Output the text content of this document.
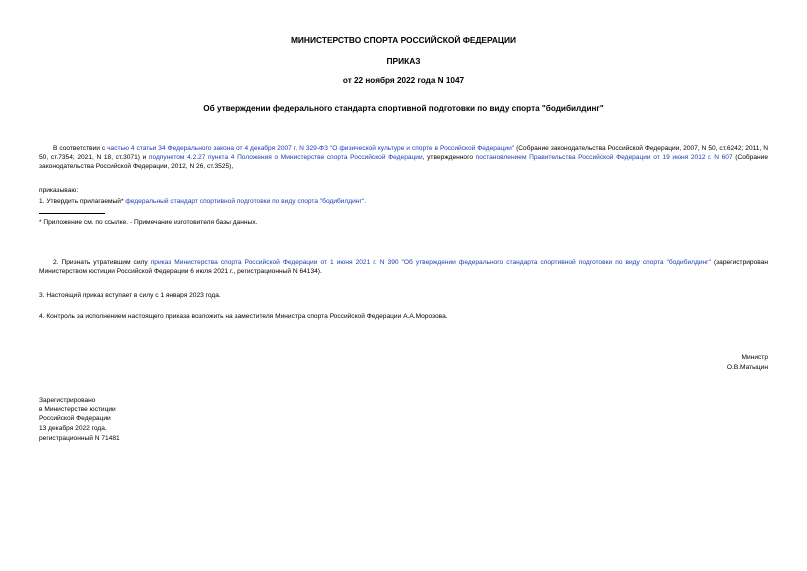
МИНИСТЕРСТВО СПОРТА РОССИЙСКОЙ ФЕДЕРАЦИИ
ПРИКАЗ
от 22 ноября 2022 года N 1047
Об утверждении федерального стандарта спортивной подготовки по виду спорта "бодибилдинг"
В соответствии с частью 4 статьи 34 Федерального закона от 4 декабря 2007 г. N 329-ФЗ "О физической культуре и спорте в Российской Федерации" (Собрание законодательства Российской Федерации, 2007, N 50, ст.6242; 2011, N 50, ст.7354; 2021, N 18, ст.3071) и подпунктом 4.2.27 пункта 4 Положения о Министерстве спорта Российской Федерации, утвержденного постановлением Правительства Российской Федерации от 19 июня 2012 г. N 607 (Собрание законодательства Российской Федерации, 2012, N 26, ст.3525),
приказываю:
1. Утвердить прилагаемый* федеральный стандарт спортивной подготовки по виду спорта "бодибилдинг".
* Приложение см. по ссылке. - Примечание изготовителя базы данных.
2. Признать утратившим силу приказ Министерства спорта Российской Федерации от 1 июня 2021 г. N 390 "Об утверждении федерального стандарта спортивной подготовки по виду спорта "бодибилдинг" (зарегистрирован Министерством юстиции Российской Федерации 6 июля 2021 г., регистрационный N 64134).
3. Настоящий приказ вступает в силу с 1 января 2023 года.
4. Контроль за исполнением настоящего приказа возложить на заместителя Министра спорта Российской Федерации А.А.Морозова.
Министр
О.В.Матыцин
Зарегистрировано
в Министерстве юстиции
Российской Федерации
13 декабря 2022 года,
регистрационный N 71481
